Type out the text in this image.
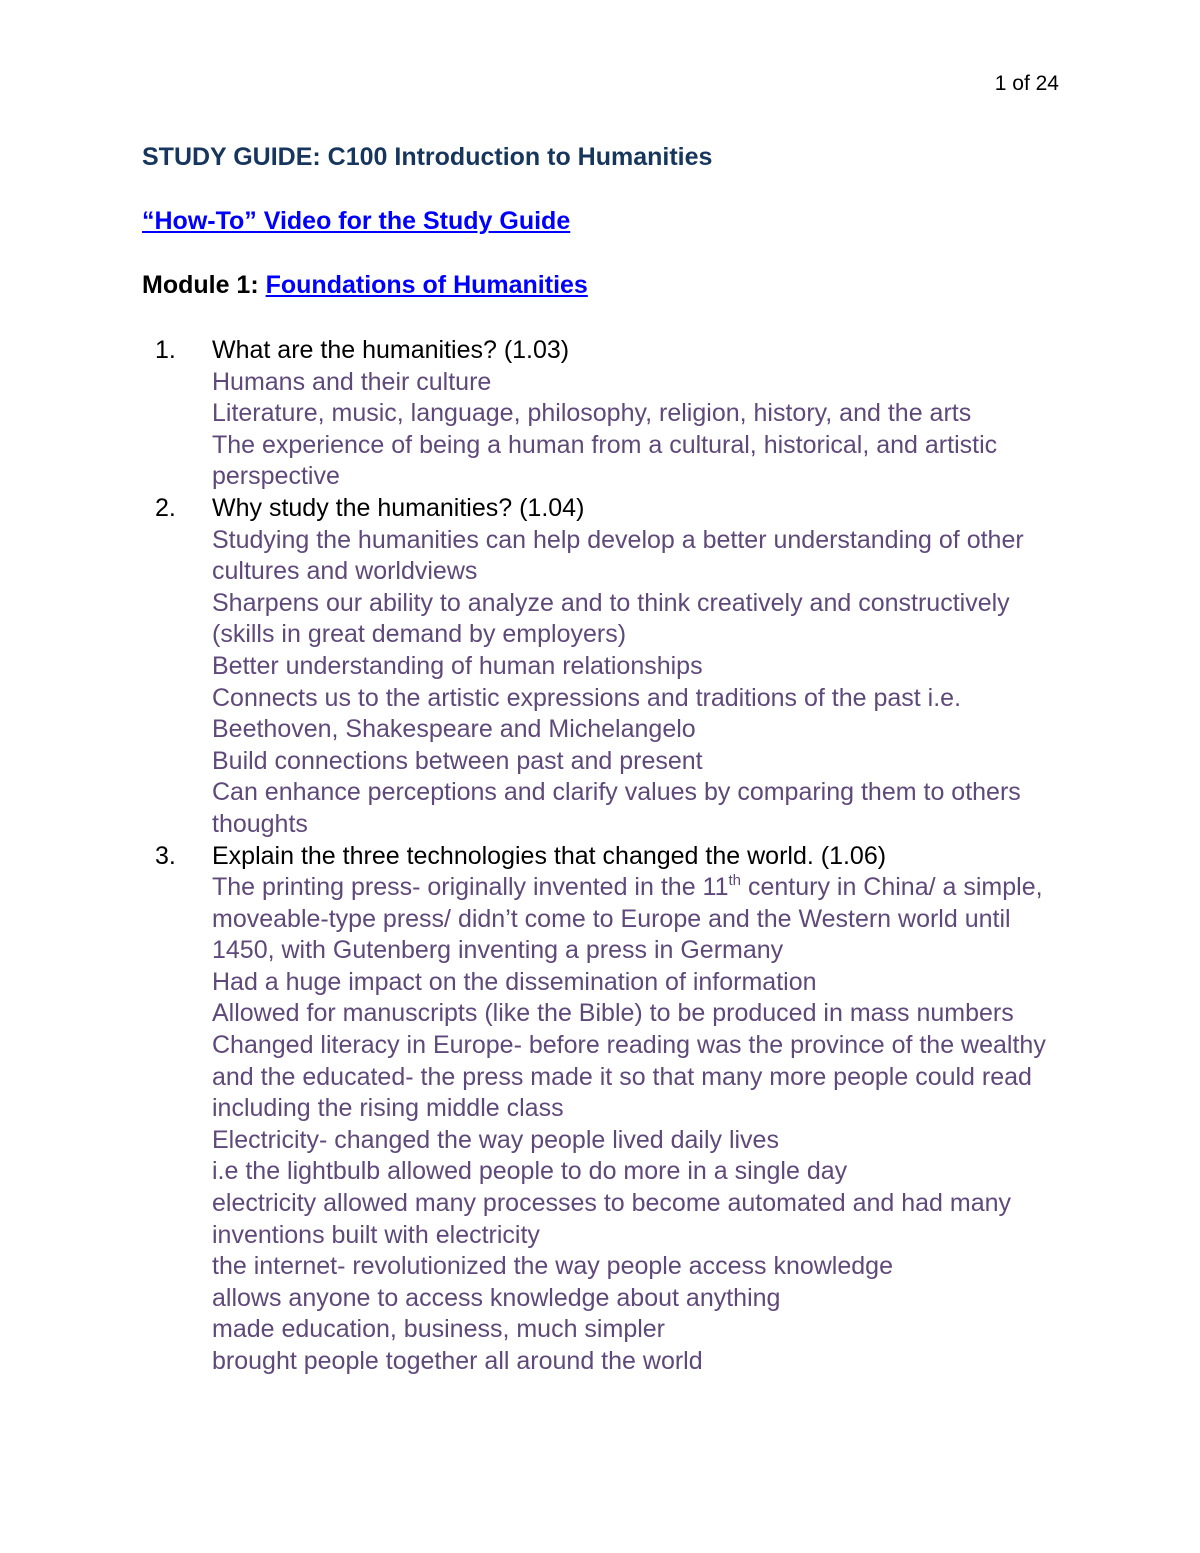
1 of 24
STUDY GUIDE: C100 Introduction to Humanities
“How-To” Video for the Study Guide
Module 1: Foundations of Humanities
1. What are the humanities? (1.03)
Humans and their culture
Literature, music, language, philosophy, religion, history, and the arts
The experience of being a human from a cultural, historical, and artistic perspective
2. Why study the humanities? (1.04)
Studying the humanities can help develop a better understanding of other cultures and worldviews
Sharpens our ability to analyze and to think creatively and constructively (skills in great demand by employers)
Better understanding of human relationships
Connects us to the artistic expressions and traditions of the past i.e. Beethoven, Shakespeare and Michelangelo
Build connections between past and present
Can enhance perceptions and clarify values by comparing them to others thoughts
3. Explain the three technologies that changed the world. (1.06)
The printing press- originally invented in the 11th century in China/ a simple, moveable-type press/ didn’t come to Europe and the Western world until 1450, with Gutenberg inventing a press in Germany
Had a huge impact on the dissemination of information
Allowed for manuscripts (like the Bible) to be produced in mass numbers
Changed literacy in Europe- before reading was the province of the wealthy and the educated- the press made it so that many more people could read including the rising middle class
Electricity- changed the way people lived daily lives
i.e the lightbulb allowed people to do more in a single day
electricity allowed many processes to become automated and had many inventions built with electricity
the internet- revolutionized the way people access knowledge
allows anyone to access knowledge about anything
made education, business, much simpler
brought people together all around the world
